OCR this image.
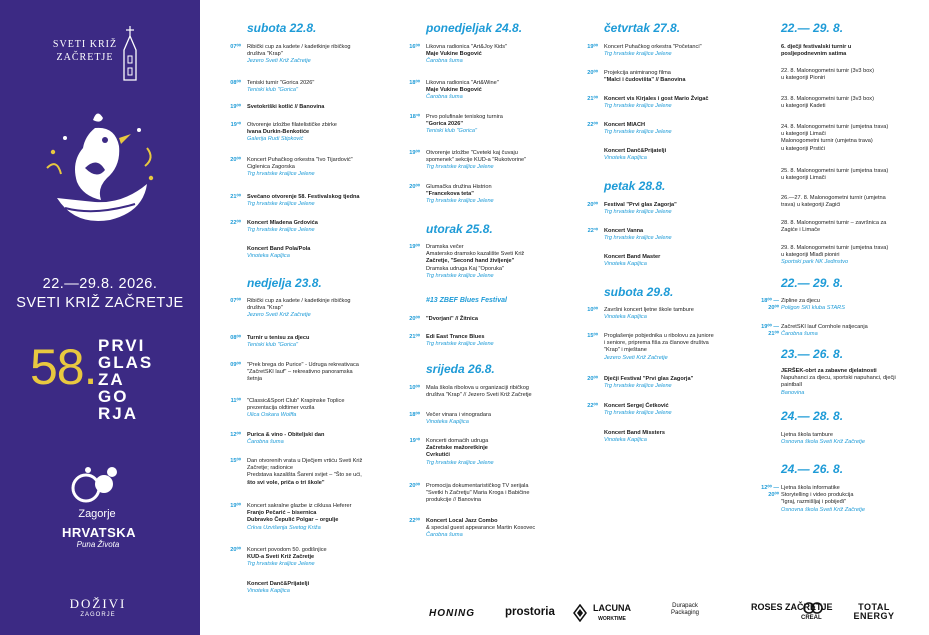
SVETI KRIŽ
ZAČRETJE
22.—29.8. 2026.
SVETI KRIŽ ZAČRETJE
58. PRVI
GLAS
ZA
GO
RJA
Zagorje
HRVATSKA
Puna Života
DOŽIVI
ZAGORJE
subota 22.8.
07⁰⁰ Ribički cup za kadete / kadetkinje ribičkog
društva "Krap"
Jezero Sveti Križ Začretje
08⁰⁰ Teniski turnir "Gorica 2026"
Teniski klub "Gorica"
19⁰⁰ Svetokriški kotlić // Banovina
19³⁰ Otvorenje izložbe filatelističke zbirke
Ivana Durkin-Benkotiće
Galerija Rudi Stipković
20⁰⁰ Koncert Puhačkog orkestra "Ivo Tijardović"
Ciglenica Zagorska
Trg hrvatske kraljice Jelene
21⁰⁰ Svečano otvorenje 58. Festivalskog tjedna
Trg hrvatske kraljice Jelene
22⁰⁰ Koncert Mladena Grdovića
Trg hrvatske kraljice Jelene
Koncert Band Pola/Pola
Vinoteka Kapljica
nedjelja 23.8.
07⁰⁰ Ribički cup za kadete / kadetkinje ribičkog
društva "Krap"
Jezero Sveti Križ Začretje
08⁰⁰ Turnir u tenisu za djecu
Teniski klub "Gorica"
09⁰⁰ "Prek brega do Purice" - Udruga rekreativaca
"ZačretSKI lauf" – rekreativno panoramska
šetnja
11⁰⁰ "Classic&Sport Club" Krapinske Toplice
prezentacija oldtimer vozila
Ulica Oskara Wolffa
12⁰⁰ Purica & vino - Obiteljski dan
Čarobna šuma
15⁰⁰ Dan otvorenih vrata u Dječjem vrtiću Sveti Križ
Začretje; radionice
Predstava kazališta Šareni svijet – "Što se ući,
što svi vole, priča o tri škole"
19⁰⁰ Koncert sakralne glazbe iz ciklusa Heferer
Franjo Pečarić – bisernica
Dubravko Čepulić Polgar – orgulje
Crkva Uzvišenja Svetog Križa
20⁰⁰ Koncert povodom 50. godišnjice
KUD-a Sveti Križ Začretje
Trg hrvatske kraljice Jelene
Koncert Danč&Prijatelji
Vinoteka Kapljica
ponedjeljak 24.8.
16⁰⁰ Likovna radionica "Art&Joy Kids"
Maje Vukine Bogović
Čarobna šuma
18⁰⁰ Likovna radionica "Art&Wine"
Maje Vukine Bogović
Čarobna šuma
18³⁰ Prvo polufinale teniskog turnira
"Gorica 2026"
Teniski klub "Gorica"
19⁰⁰ Otvorenje izložbe "Cveteki kaj čuvaju
spomenek" sekcije KUD-a "Rukotvorine"
Trg hrvatske kraljice Jelene
20⁰⁰ Glumačka družina Histrion
"Francekova teta"
Trg hrvatske kraljice Jelene
utorak 25.8.
19⁰⁰ Dramska večer
Amatersko dramsko kazalište Sveti Križ
Začretje, "Second hand življenje"
Dramska udruga Kaj "Oporuka"
Trg hrvatske kraljice Jelene
#13 ZBEF Blues Festival
20⁰⁰ "Dvorjani" // Žitnica
21⁰⁰ Edi East Trance Blues
Trg hrvatske kraljice Jelene
srijeda 26.8.
10⁰⁰ Mala škola ribolova u organizaciji ribičkog
društva "Krap" // Jezero Sveti Križ Začretje
18⁰⁰ Večer vinara i vinogradara
Vinoteka Kapljica
19³⁰ Koncerti domaćih udruga
Začretske mažoretkinje
Cvrkutići
Trg hrvatske kraljice Jelene
20⁰⁰ Promocija dokumentarističkog TV serijala
"Svetki h Začretju" Maria Kroga i Babičine
produkcije // Banovina
22⁰⁰ Koncert Local Jazz Combo
& special guest appearance Martin Kosovec
Čarobna šuma
četvrtak 27.8.
19⁰⁰ Koncert Puhačkog orkestra "Početanci"
Trg hrvatske kraljice Jelene
20⁰⁰ Projekcija animiranog filma
"Malci i čudovišta" // Banovina
21⁰⁰ Koncert vis Kirjales i gost Mario Žvigač
Trg hrvatske kraljice Jelene
22⁰⁰ Koncert MIACH
Trg hrvatske kraljice Jelene
Koncert Danč&Prijatelji
Vinoteka Kapljica
petak 28.8.
20⁰⁰ Festival "Prvi glas Zagorja"
Trg hrvatske kraljice Jelene
22³⁰ Koncert Vanna
Trg hrvatske kraljice Jelene
Koncert Band Master
Vinoteka Kapljica
subota 29.8.
10⁰⁰ Završni koncert ljetne škole tambure
Vinoteka Kapljica
15⁰⁰ Proglašenje pobjednika u ribolovu za juniore
i seniore, priprema fiša za članove društva
"Krap" i mještane
Jezero Sveti Križ Začretje
20⁰⁰ Dječji Festival "Prvi glas Zagorja"
Trg hrvatske kraljice Jelene
22⁰⁰ Koncert Sergej Ćetković
Trg hrvatske kraljice Jelene
Koncert Band Missters
Vinoteka Kapljica
22.— 29. 8.
6. dječji festivalski turnir u
posljepodnevnim satima
22. 8. Malonogometni turnir (3v3 box)
u kategoriji Pioniri
23. 8. Malonogometni turnir (3v3 box)
u kategoriji Kadeti
24. 8. Malonogometni turnir (umjetna trava)
u kategoriji Limači
Malonogometni turnir (umjetna trava)
u kategoriji Prstići
25. 8. Malonogometni turnir (umjetna trava)
u kategoriji Limači
26.—27. 8. Malonogometni turnir (umjetna
trava) u kategoriji Zagići
28. 8. Malonogometni turnir – završnica za
Zagiće i Limače
29. 8. Malonogometni turnir (umjetna trava)
u kategoriji Mlađi pioniri
Sportski park NK Jedinstvo
22.— 29. 8.
18⁰⁰ — 20⁰⁰
Zipline za djecu
Poligon SKI kluba STARS
19⁰⁰ — 21⁰⁰
ZačretSKI lauf Cornhole natjecanja
Čarobna šuma
23.— 26. 8.
JERŠEK-obrt za zabavne djelatnosti
Napuhanci za djecu, sportski napuhanci, dječji
paintball
Banovina
24.— 28. 8.
Ljetna škola tambure
Osnovna škola Sveti Križ Začretje
24.— 26. 8.
12⁰⁰ — 20⁰⁰
Ljetna škola informatike
Storytelling i video produkcija
"Igraj, razmišljaj i pobijeđi"
Osnovna škola Sveti Križ Začretje
HONING	prostoria	LACUNA
WORKTIME
Durapack Packaging
ROSES ZAČRETJE
CREAL
TOTAL ENERGY
